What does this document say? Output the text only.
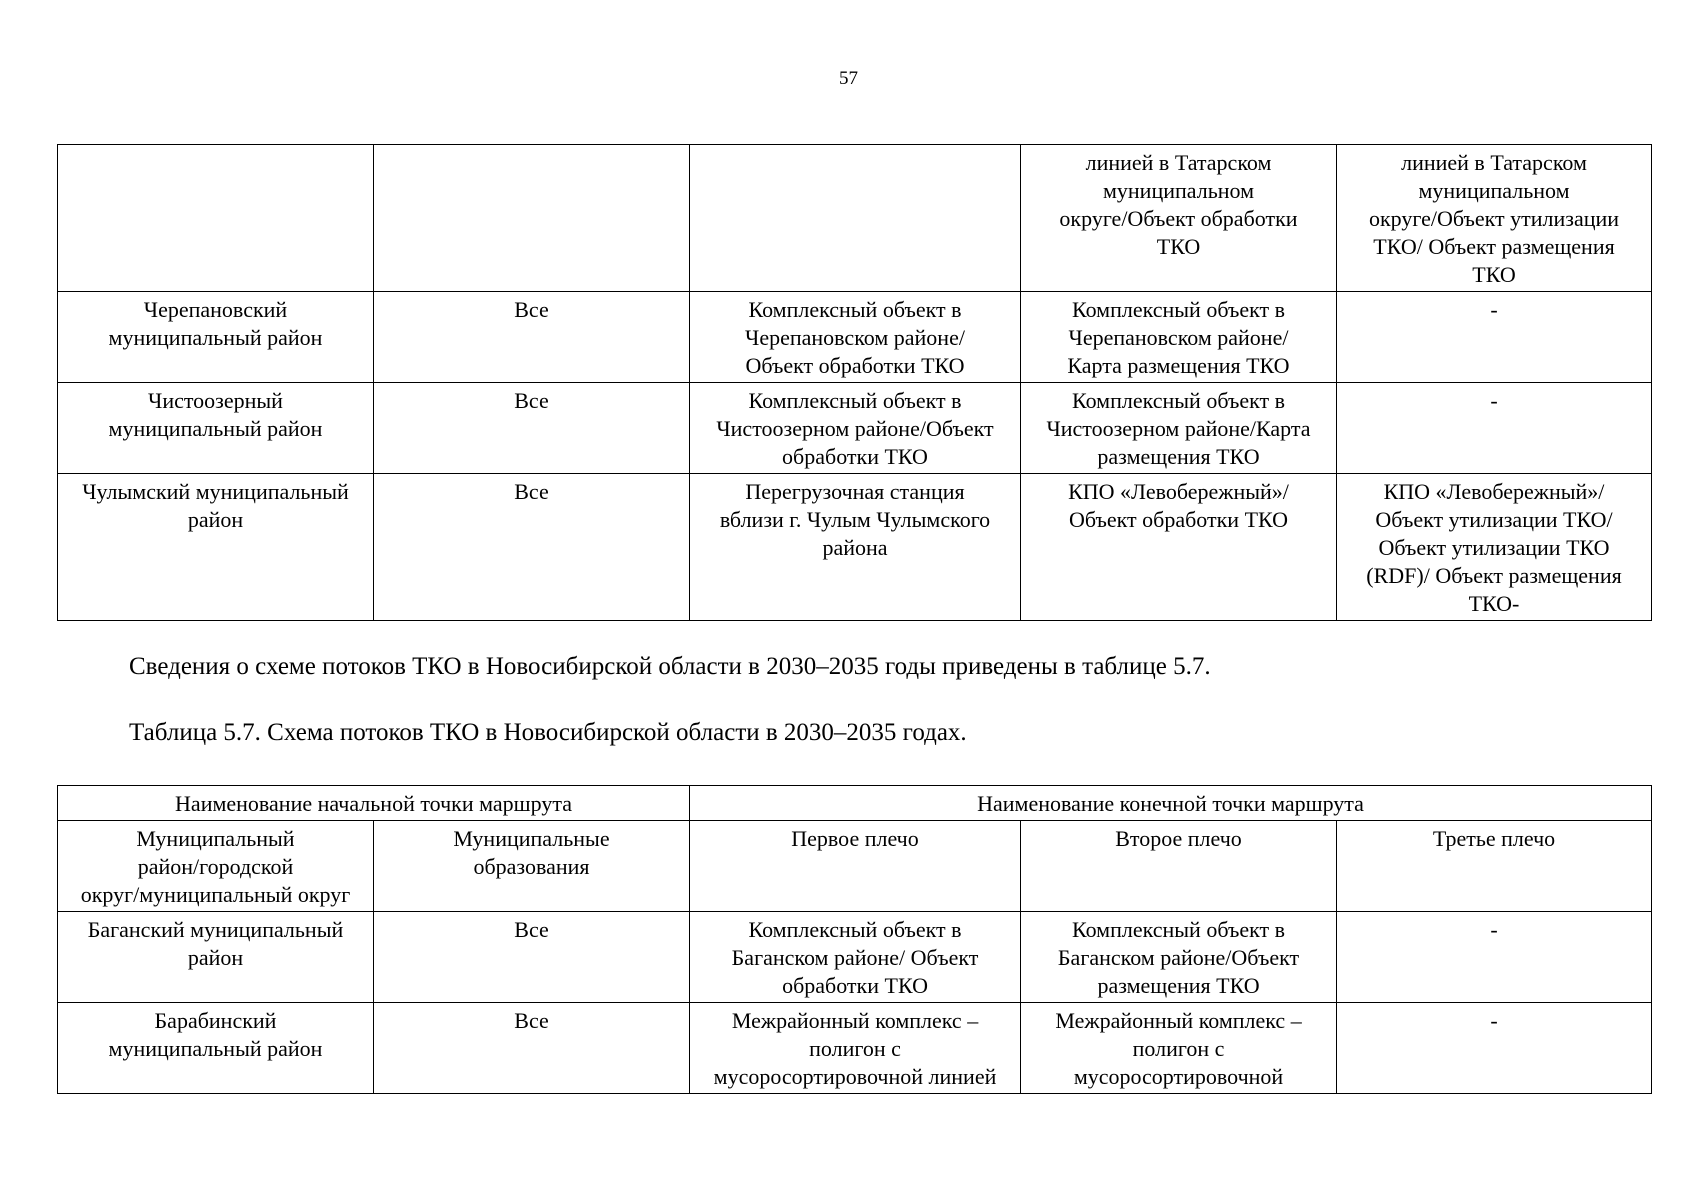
57

			линией в Татарском
муниципальном
округе/Объект обработки
ТКО	линией в Татарском
муниципальном
округе/Объект утилизации
ТКО/ Объект размещения
ТКО

Черепановский
муниципальный район	Все	Комплексный объект в
Черепановском районе/
Объект обработки ТКО	Комплексный объект в
Черепановском районе/
Карта размещения ТКО	-

Чистоозерный
муниципальный район	Все	Комплексный объект в
Чистоозерном районе/Объект
обработки ТКО	Комплексный объект в
Чистоозерном районе/Карта
размещения ТКО	-

Чулымский муниципальный
район	Все	Перегрузочная станция
вблизи г. Чулым Чулымского
района	КПО «Левобережный»/
Объект обработки ТКО	КПО «Левобережный»/
Объект утилизации ТКО/
Объект утилизации ТКО
(RDF)/ Объект размещения
ТКО-
Сведения о схеме потоков ТКО в Новосибирской области в 2030–2035 годы приведены в таблице 5.7.
Таблица 5.7. Схема потоков ТКО в Новосибирской области в 2030–2035 годах.
Наименование начальной точки маршрута		Наименование конечной точки маршрута		

Муниципальный
район/городской
округ/муниципальный округ	Муниципальные
образования	Первое плечо	Второе плечо	Третье плечо

Баганский муниципальный
район	Все	Комплексный объект в
Баганском районе/ Объект
обработки ТКО	Комплексный объект в
Баганском районе/Объект
размещения ТКО	-

Барабинский
муниципальный район	Все	Межрайонный комплекс –
полигон с
мусоросортировочной линией	Межрайонный комплекс –
полигон с
мусоросортировочной	-
